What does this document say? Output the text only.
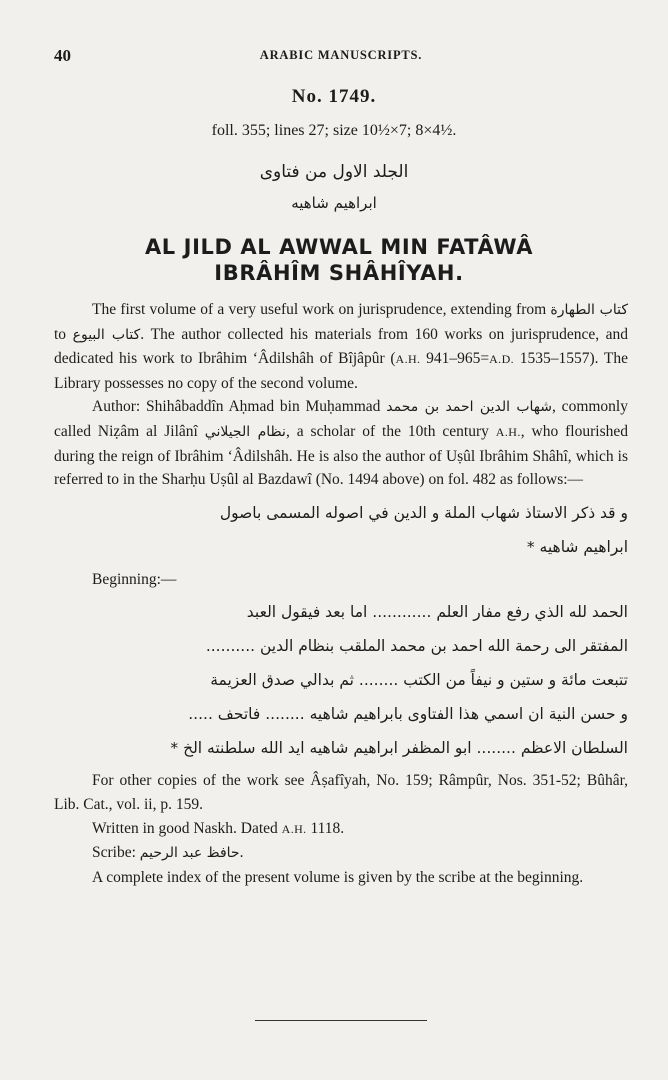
40	ARABIC MANUSCRIPTS.
No. 1749.
foll. 355; lines 27; size 10½×7; 8×4½.
الجلد الاول من فتاوى
ابراهيم شاهيه
AL JILD AL AWWAL MIN FATÂWÂ
IBRÂHÎM SHÂHÎYAH.

The first volume of a very useful work on jurisprudence, extending from كتاب الطهارة to كتاب البيوع. The author collected his materials from 160 works on jurisprudence, and dedicated his work to Ibrâhim ‘Âdilshâh of Bîjâpûr (A.H. 941–965=A.D. 1535–1557). The Library possesses no copy of the second volume.

Author: Shihâbaddîn Aḥmad bin Muḥammad شهاب الدين احمد بن محمد, commonly called Niẓâm al Jilânî نظام الجيلاني, a scholar of the 10th century A.H., who flourished during the reign of Ibrâhim ‘Âdilshâh. He is also the author of Uṣûl Ibrâhim Shâhî, which is referred to in the Sharḥu Uṣûl al Bazdawî (No. 1494 above) on fol. 482 as follows:—

و قد ذكر الاستاذ شهاب الملة و الدين في اصوله المسمى باصول
ابراهيم شاهيه *

Beginning:—

الحمد لله الذي رفع مفار العلم ............ اما بعد فيقول العبد
المفتقر الى رحمة الله احمد بن محمد الملقب بنظام الدين ..........
تتبعت مائة و ستين و نيفاً من الكتب ........ ثم بدالي صدق العزيمة
و حسن النية ان اسمي هذا الفتاوى بابراهيم شاهيه ........ فاتحف .....
السلطان الاعظم ........ ابو المظفر ابراهيم شاهيه ايد الله سلطنته الخ *

For other copies of the work see Âṣafîyah, No. 159; Râmpûr, Nos. 351-52; Bûhâr, Lib. Cat., vol. ii, p. 159.

Written in good Naskh. Dated A.H. 1118.

Scribe: حافظ عبد الرحيم.

A complete index of the present volume is given by the scribe at the beginning.
